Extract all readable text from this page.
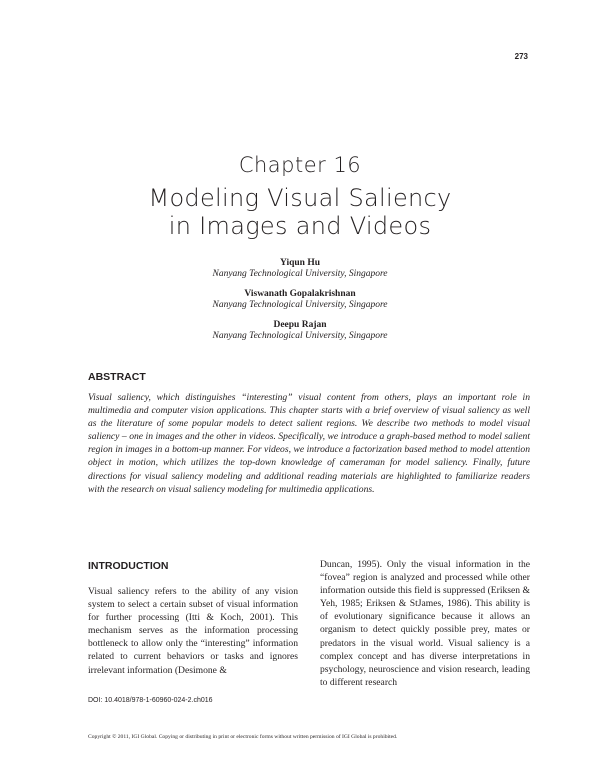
273
Chapter 16
Modeling Visual Saliency
in Images and Videos
Yiqun Hu
Nanyang Technological University, Singapore
Viswanath Gopalakrishnan
Nanyang Technological University, Singapore
Deepu Rajan
Nanyang Technological University, Singapore
ABSTRACT
Visual saliency, which distinguishes “interesting” visual content from others, plays an important role in multimedia and computer vision applications. This chapter starts with a brief overview of visual saliency as well as the literature of some popular models to detect salient regions. We describe two methods to model visual saliency – one in images and the other in videos. Specifically, we introduce a graph-based method to model salient region in images in a bottom-up manner. For videos, we introduce a factorization based method to model attention object in motion, which utilizes the top-down knowledge of cameraman for model saliency. Finally, future directions for visual saliency modeling and additional reading materials are highlighted to familiarize readers with the research on visual saliency modeling for multimedia applications.
INTRODUCTION
Visual saliency refers to the ability of any vision system to select a certain subset of visual information for further processing (Itti & Koch, 2001). This mechanism serves as the information processing bottleneck to allow only the “interesting” information related to current behaviors or tasks and ignores irrelevant information (Desimone &
Duncan, 1995). Only the visual information in the “fovea” region is analyzed and processed while other information outside this field is suppressed (Eriksen & Yeh, 1985; Eriksen & StJames, 1986). This ability is of evolutionary significance because it allows an organism to detect quickly possible prey, mates or predators in the visual world. Visual saliency is a complex concept and has diverse interpretations in psychology, neuroscience and vision research, leading to different research
DOI: 10.4018/978-1-60960-024-2.ch016
Copyright © 2011, IGI Global. Copying or distributing in print or electronic forms without written permission of IGI Global is prohibited.
